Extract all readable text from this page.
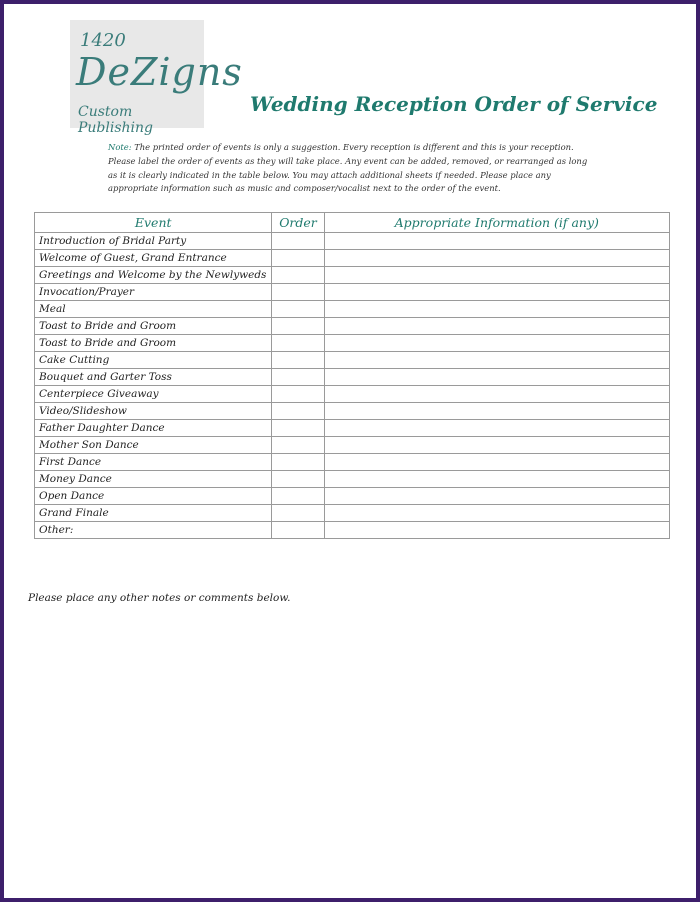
1420
DeZigns
Custom Publishing
Wedding Reception Order of Service
Note: The printed order of events is only a suggestion. Every reception is different and this is your reception. Please label the order of events as they will take place. Any event can be added, removed, or rearranged as long as it is clearly indicated in the table below. You may attach additional sheets if needed. Please place any appropriate information such as music and composer/vocalist next to the order of the event.
Event	Order	Appropriate Information (if any)
Introduction of Bridal Party		
Welcome of Guest, Grand Entrance		
Greetings and Welcome by the Newlyweds		
Invocation/Prayer		
Meal		
Toast to Bride and Groom		
Toast to Bride and Groom		
Cake Cutting		
Bouquet and Garter Toss		
Centerpiece Giveaway		
Video/Slideshow		
Father Daughter Dance		
Mother Son Dance		
First Dance		
Money Dance		
Open Dance		
Grand Finale		
Other:		
Please place any other notes or comments below.
